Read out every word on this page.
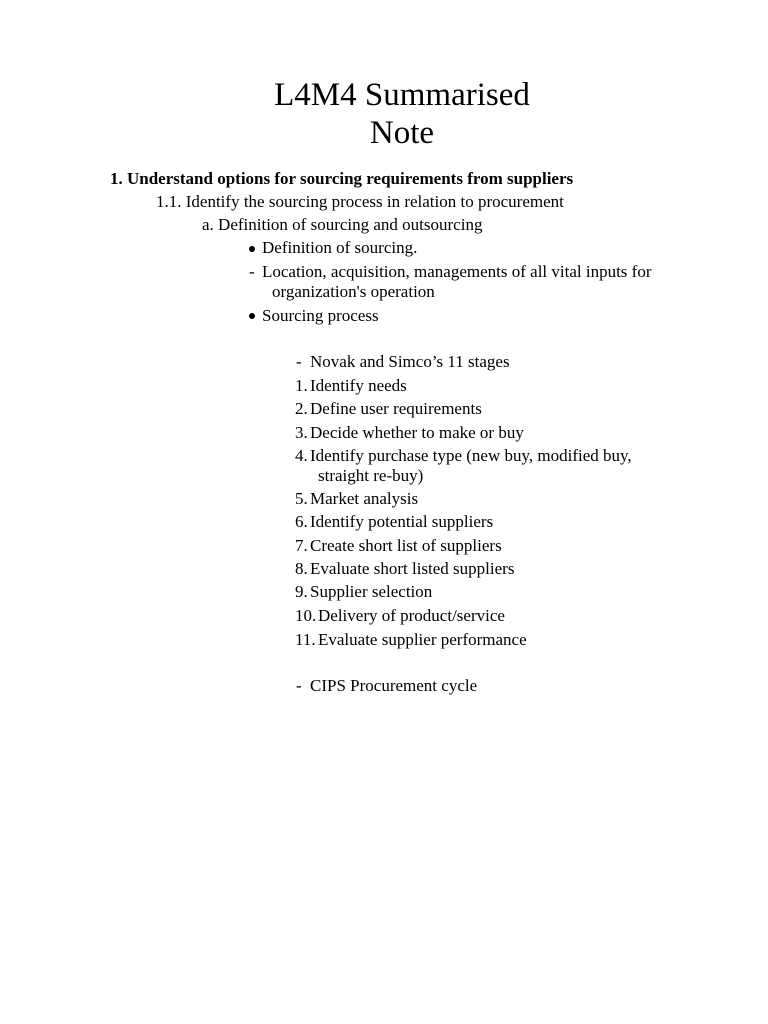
L4M4 Summarised
Note
1. Understand options for sourcing requirements from suppliers
1.1. Identify the sourcing process in relation to procurement
a. Definition of sourcing and outsourcing
Definition of sourcing.
- Location, acquisition, managements of all vital inputs for
organization's operation
Sourcing process
- Novak and Simco’s 11 stages
1. Identify needs
2. Define user requirements
3. Decide whether to make or buy
4. Identify purchase type (new buy, modified buy,
straight re-buy)
5. Market analysis
6. Identify potential suppliers
7. Create short list of suppliers
8. Evaluate short listed suppliers
9. Supplier selection
10. Delivery of product/service
11. Evaluate supplier performance
- CIPS Procurement cycle
